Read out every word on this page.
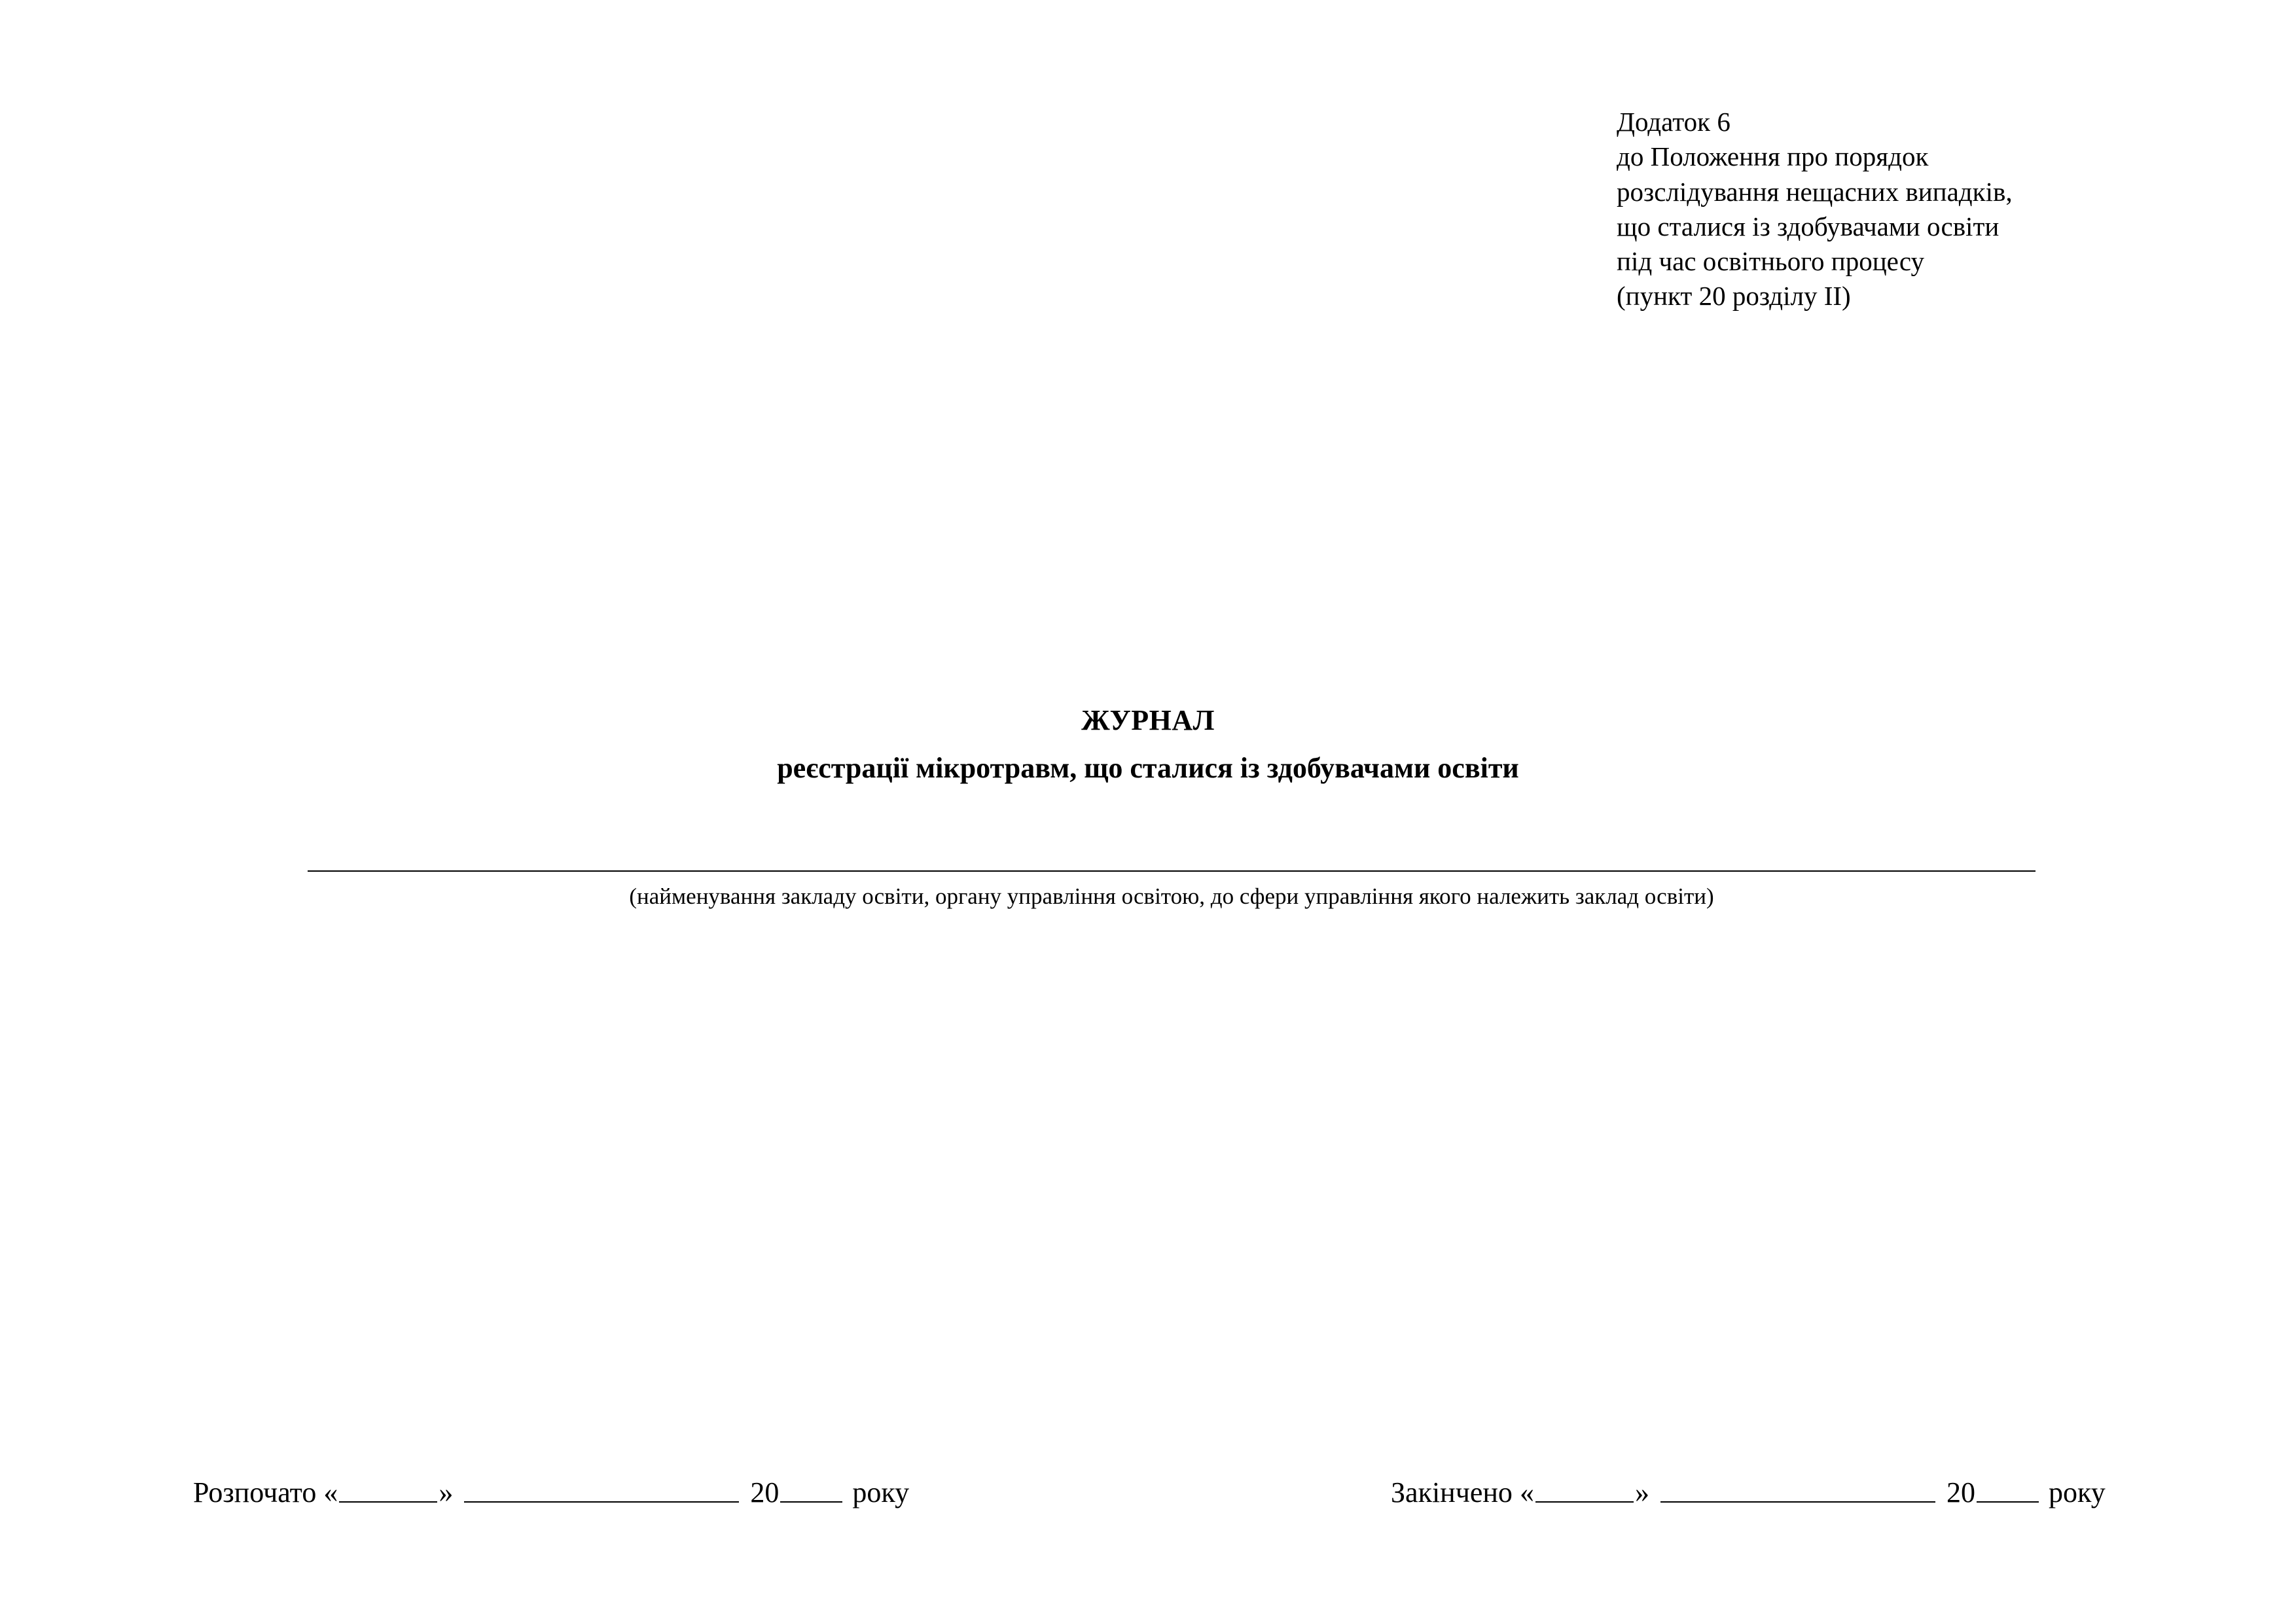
Додаток 6
до Положення про порядок
розслідування нещасних випадків,
що сталися із здобувачами освіти
під час освітнього процесу
(пункт 20 розділу II)
ЖУРНАЛ
реєстрації мікротравм, що сталися із здобувачами освіти
(найменування закладу освіти, органу управління освітою, до сфери управління якого належить заклад освіти)
Розпочато «	»	20	року	Закінчено «	»	20	року
